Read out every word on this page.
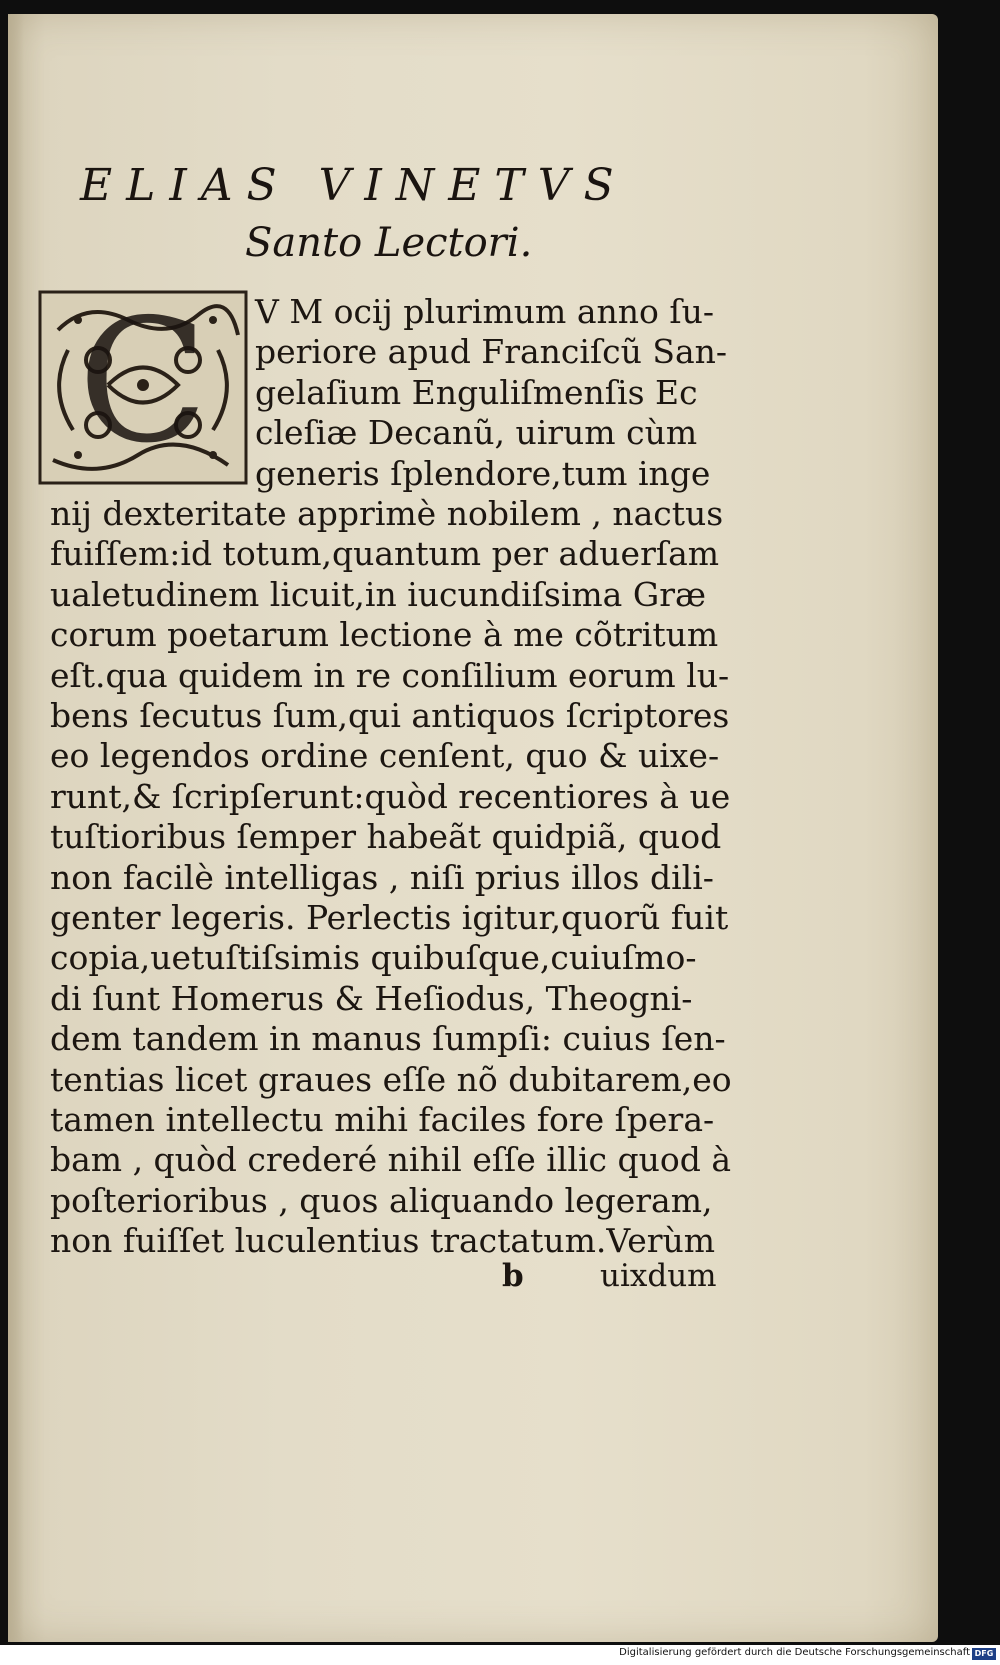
ELIAS VINETVS
Santo Lectori.
C V M ocij plurimum anno ſu-
periore apud Franciſcũ San-
gelaſium Enguliſmenſis Ec
cleſiæ Decanũ, uirum cùm
generis ſplendore,tum inge
nij dexteritate apprimè nobilem , nactus
fuiſſem:id totum,quantum per aduerſam
ualetudinem licuit,in iucundiſsima Græ
corum poetarum lectione à me cõtritum
eſt.qua quidem in re conſilium eorum lu-
bens ſecutus ſum,qui antiquos ſcriptores
eo legendos ordine cenſent, quo & uixe-
runt,& ſcripſerunt:quòd recentiores à ue
tuſtioribus ſemper habeãt quidpiã, quod
non facilè intelligas , niſi prius illos dili-
genter legeris. Perlectis igitur,quorũ fuit
copia,uetuſtiſsimis quibuſque,cuiuſmo-
di ſunt Homerus & Heſiodus, Theogni-
dem tandem in manus ſumpſi: cuius ſen-
tentias licet graues eſſe nõ dubitarem,eo
tamen intellectu mihi faciles fore ſpera-
bam , quòd crederé nihil eſſe illic quod à
poſterioribus , quos aliquando legeram,
non fuiſſet luculentius tractatum.Verùm
b uixdum
Digitalisierung gefördert durch die Deutsche Forschungsgemeinschaft DFG
